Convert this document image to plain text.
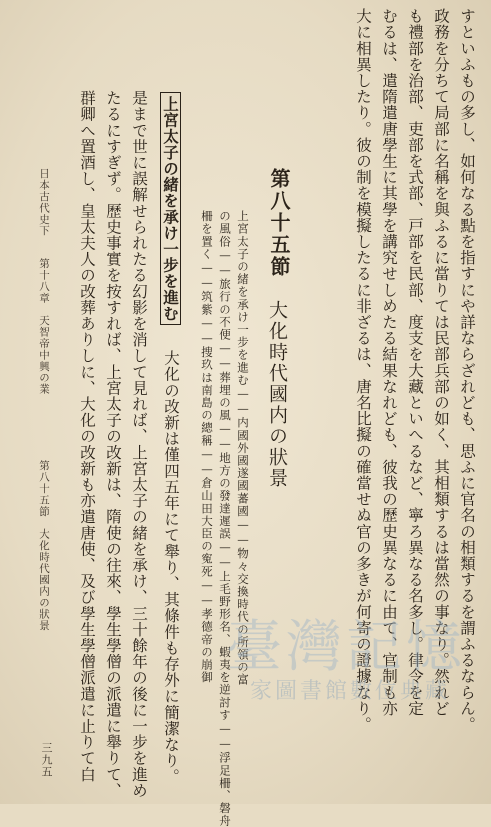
すといふもの多し、如何なる點を指すにや詳ならざれども、思ふに官名の相類するを謂ふるならん。
政務を分ちて局部に名稱を與ふるに當りては民部兵部の如く、其相類するは當然の事なり。然れど
も禮部を治部、吏部を式部、戸部を民部、度支を大藏といへるなど、寧ろ異なる名多し。律令を定
むるは、遣隋遣唐學生に其學を講究せしめたる結果なれども、彼我の歷史異なるに由て、官制も亦
大に相異したり。彼の制を模擬したるに非ざるは、唐名比擬の確當せぬ官の多きが何寄の證據なり。
第八十五節
大化時代國内の狀景
上宮太子の緒を承け一步を進む——内國外國遂國蕃國——物々交換時代の所領の富
の風俗——旅行の不便——葬埋の風——地方の發達遲誤——上毛野形名、蝦夷を逆討す——浮足柵、磐舟
柵を置く——筑紫——捜玖は南島の總稱——倉山田大臣の寃死——孝德帝の崩御
上宮太子の緒を承け一步を進む
大化の改新は僅四五年にて舉り、其條件も存外に簡潔なり。
是まで世に誤解せられたる幻影を消して見れば、上宮太子の緒を承け、三十餘年の後に一步を進め
たるにすぎず。歷史事實を按すれば、上宮太子の改新は、隋使の往來、學生學僧の派遣に舉りて、
群卿へ置酒し、皇太夫人の改葬ありしに、大化の改新も亦遣唐使、及び學生學僧派遣に止りて白
日本古代史下
第十八章　天智帝中興の業
第八十五節　大化時代國内の狀景
三九五
臺灣記憶
家圖書館數位典藏
